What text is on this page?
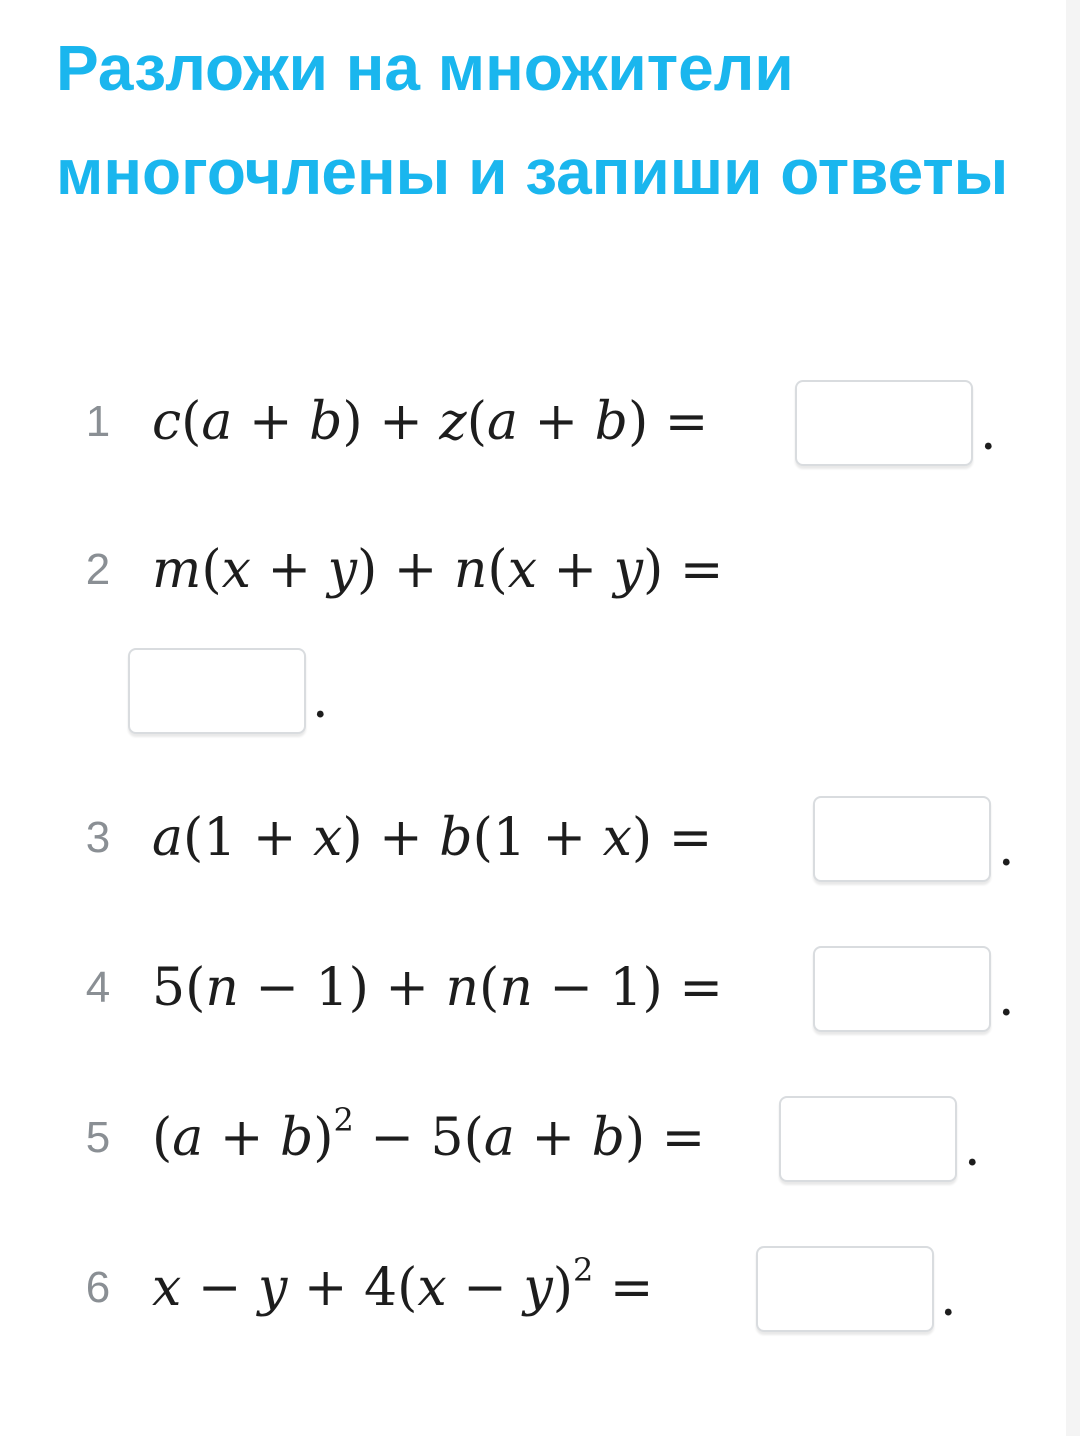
Разложи на множители многочлены и запиши ответы
1 c(a + b) + z(a + b) =	.
2 m(x + y) + n(x + y) =
.
3 a(1 + x) + b(1 + x) =	.
4 5(n − 1) + n(n − 1) =	.
5 $(a + b)^2 - 5(a + b)$ =	.
6 $x - y + 4(x - y)^2$ =	.
